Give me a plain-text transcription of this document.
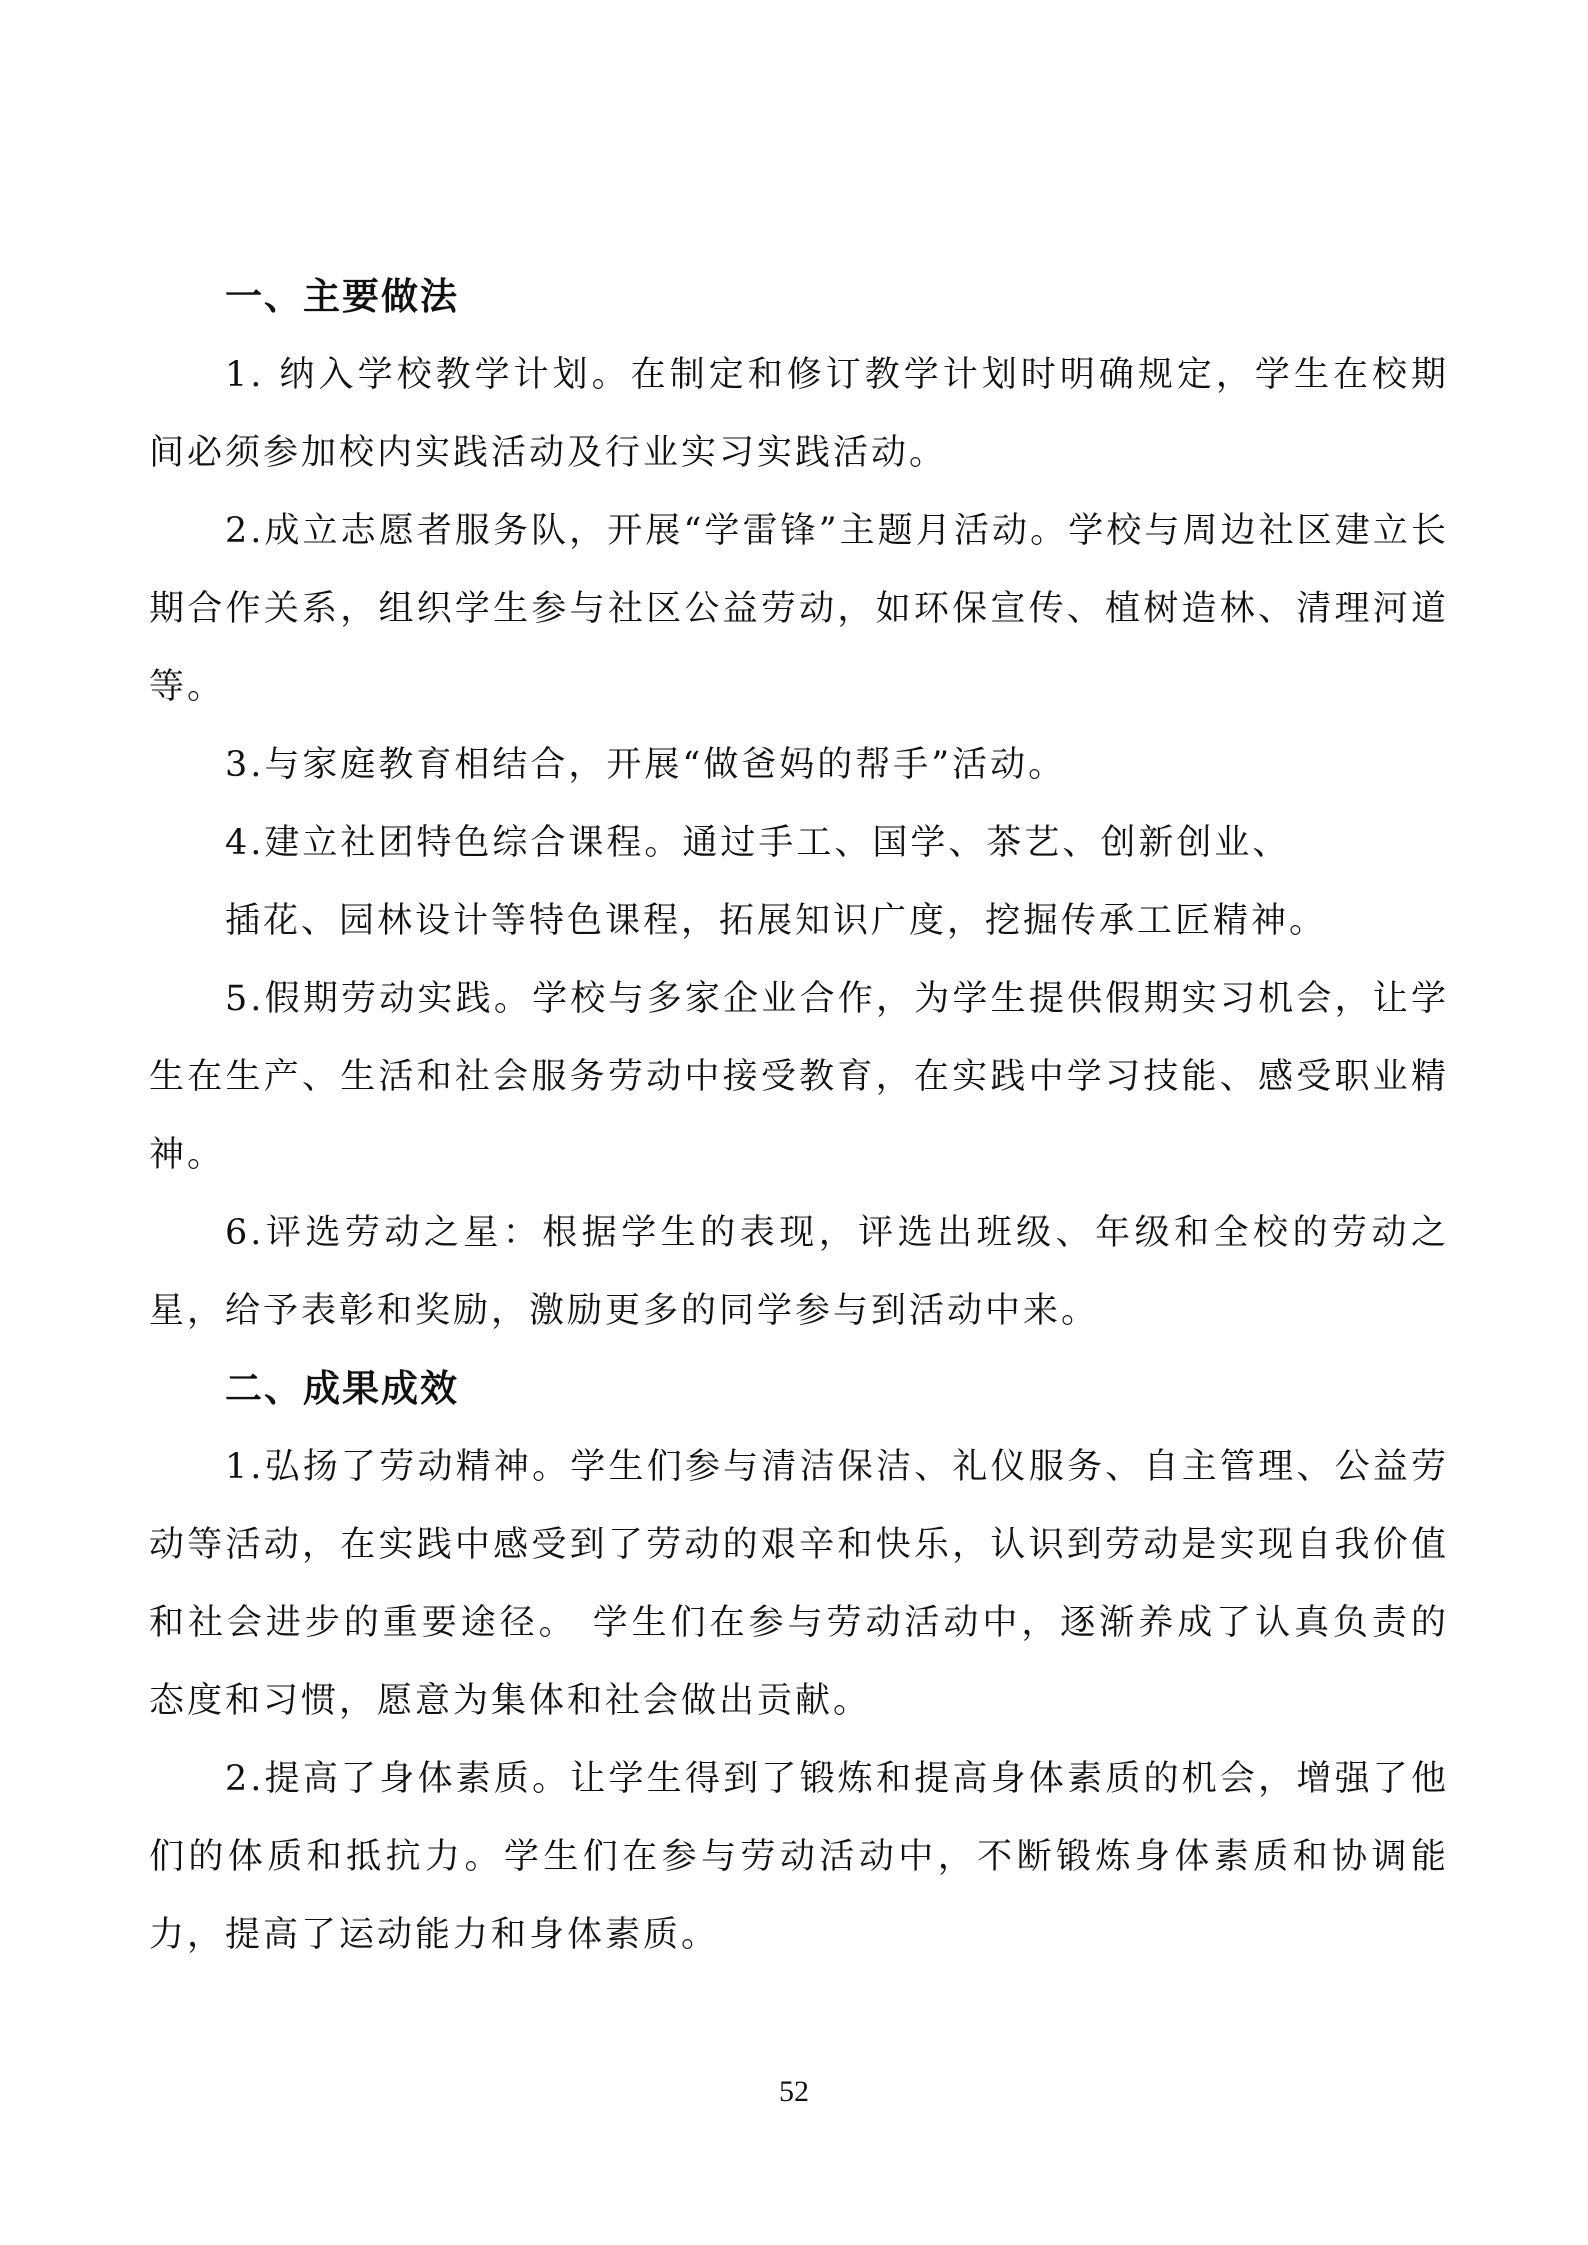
一、主要做法

1. 纳入学校教学计划。在制定和修订教学计划时明确规定，学生在校期间必须参加校内实践活动及行业实习实践活动。

2.成立志愿者服务队，开展“学雷锋”主题月活动。学校与周边社区建立长期合作关系，组织学生参与社区公益劳动，如环保宣传、植树造林、清理河道等。

3.与家庭教育相结合，开展“做爸妈的帮手”活动。

4.建立社团特色综合课程。通过手工、国学、茶艺、创新创业、

插花、园林设计等特色课程，拓展知识广度，挖掘传承工匠精神。

5.假期劳动实践。学校与多家企业合作，为学生提供假期实习机会，让学生在生产、生活和社会服务劳动中接受教育，在实践中学习技能、感受职业精神。

6.评选劳动之星：根据学生的表现，评选出班级、年级和全校的劳动之星，给予表彰和奖励，激励更多的同学参与到活动中来。

二、成果成效

1.弘扬了劳动精神。学生们参与清洁保洁、礼仪服务、自主管理、公益劳动等活动，在实践中感受到了劳动的艰辛和快乐，认识到劳动是实现自我价值和社会进步的重要途径。 学生们在参与劳动活动中，逐渐养成了认真负责的态度和习惯，愿意为集体和社会做出贡献。

2.提高了身体素质。让学生得到了锻炼和提高身体素质的机会，增强了他们的体质和抵抗力。学生们在参与劳动活动中，不断锻炼身体素质和协调能力，提高了运动能力和身体素质。

52
